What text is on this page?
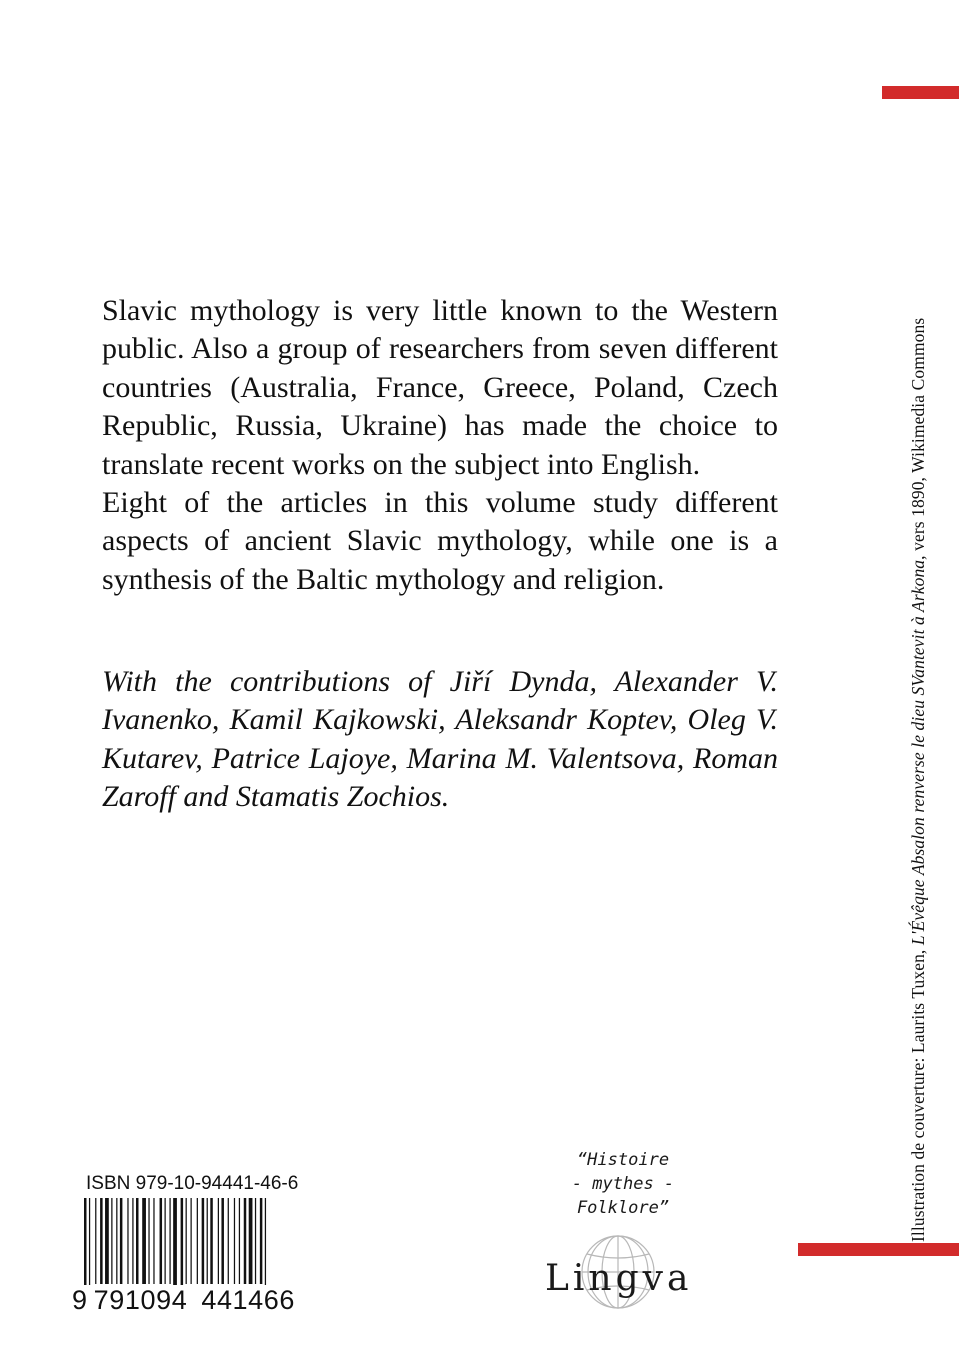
Slavic mythology is very little known to the Western public. Also a group of researchers from seven different countries (Australia, France, Greece, Poland, Czech Republic, Russia, Ukraine) has made the choice to translate recent works on the subject into English.

Eight of the articles in this volume study different aspects of ancient Slavic mythology, while one is a synthesis of the Baltic mythology and religion.

With the contributions of Jiří Dynda, Alexander V. Ivanenko, Kamil Kajkowski, Aleksandr Koptev, Oleg V. Kutarev, Patrice Lajoye, Marina M. Valentsova, Roman Zaroff and Stamatis Zochios.
Illustration de couverture: Laurits Tuxen, L'Évêque Absalon renverse le dieu SVantevit à Arkona, vers 1890, Wikimedia Commons
ISBN 979-10-94441-46-6
9 791094 441466
“Histoire
- mythes -
Folklore”
Lingva
